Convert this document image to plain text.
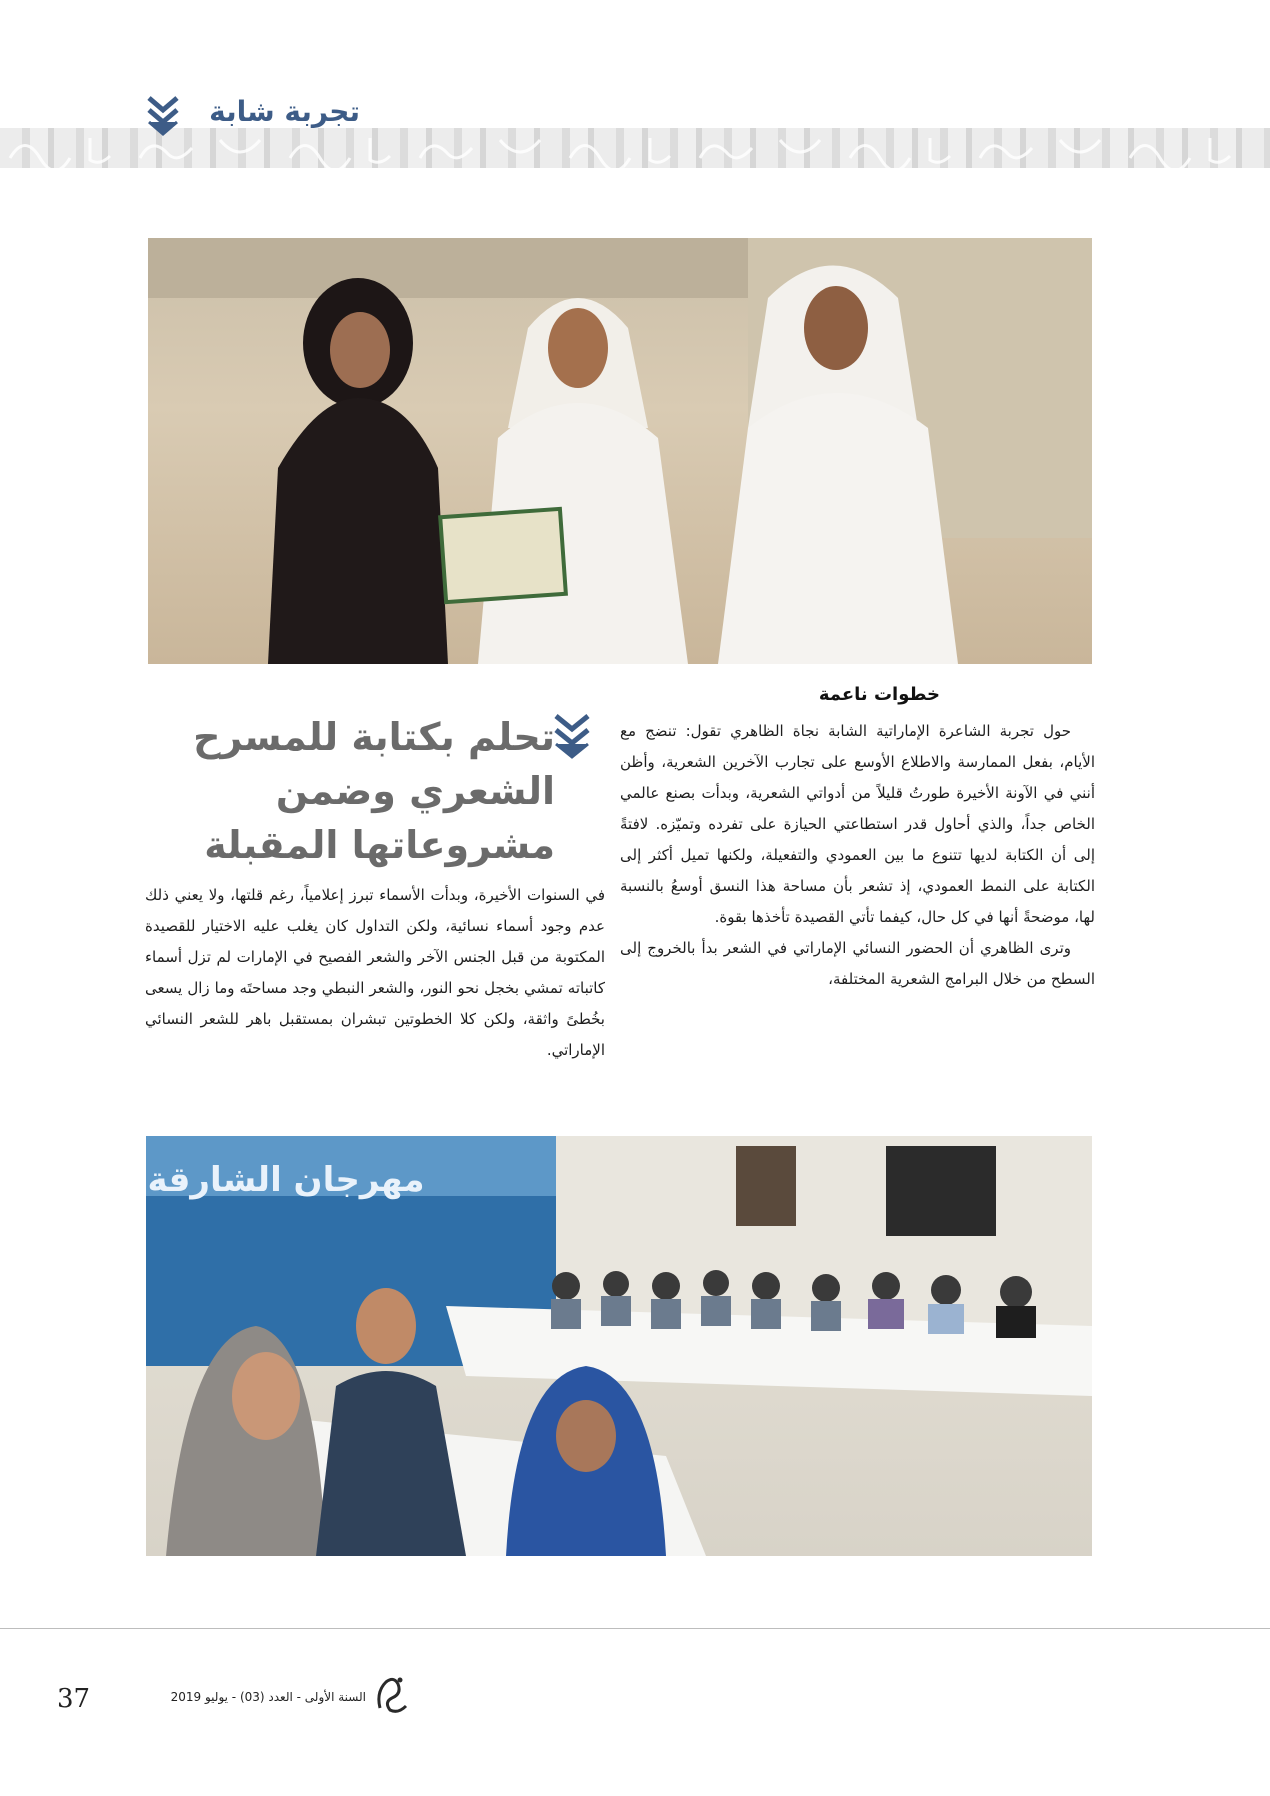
تجربة شابة
خطوات ناعمة

حول تجربة الشاعرة الإماراتية الشابة نجاة الظاهري تقول: تنضج مع الأيام، بفعل الممارسة والاطلاع الأوسع على تجارب الآخرين الشعرية، وأظن أنني في الآونة الأخيرة طورتُ قليلاً من أدواتي الشعرية، وبدأت بصنع عالمي الخاص جداً، والذي أحاول قدر استطاعتي الحيازة على تفرده وتميّزه. لافتةً إلى أن الكتابة لديها تتنوع ما بين العمودي والتفعيلة، ولكنها تميل أكثر إلى الكتابة على النمط العمودي، إذ تشعر بأن مساحة هذا النسق أوسعُ بالنسبة لها، موضحةً أنها في كل حال، كيفما تأتي القصيدة تأخذها بقوة.

وترى الظاهري أن الحضور النسائي الإماراتي في الشعر بدأ بالخروج إلى السطح من خلال البرامج الشعرية المختلفة،

تحلم بكتابة للمسرح
الشعري وضمن
مشروعاتها المقبلة

في السنوات الأخيرة، وبدأت الأسماء تبرز إعلامياً، رغم قلتها، ولا يعني ذلك عدم وجود أسماء نسائية، ولكن التداول كان يغلب عليه الاختيار للقصيدة المكتوبة من قبل الجنس الآخر والشعر الفصيح في الإمارات لم تزل أسماء كاتباته تمشي بخجل نحو النور، والشعر النبطي وجد مساحتَه وما زال يسعى بخُطىً واثقة، ولكن كلا الخطوتين تبشران بمستقبل باهر للشعر النسائي الإماراتي.

مهرجان الشارقة
37	السنة الأولى - العدد (03) - يوليو 2019
